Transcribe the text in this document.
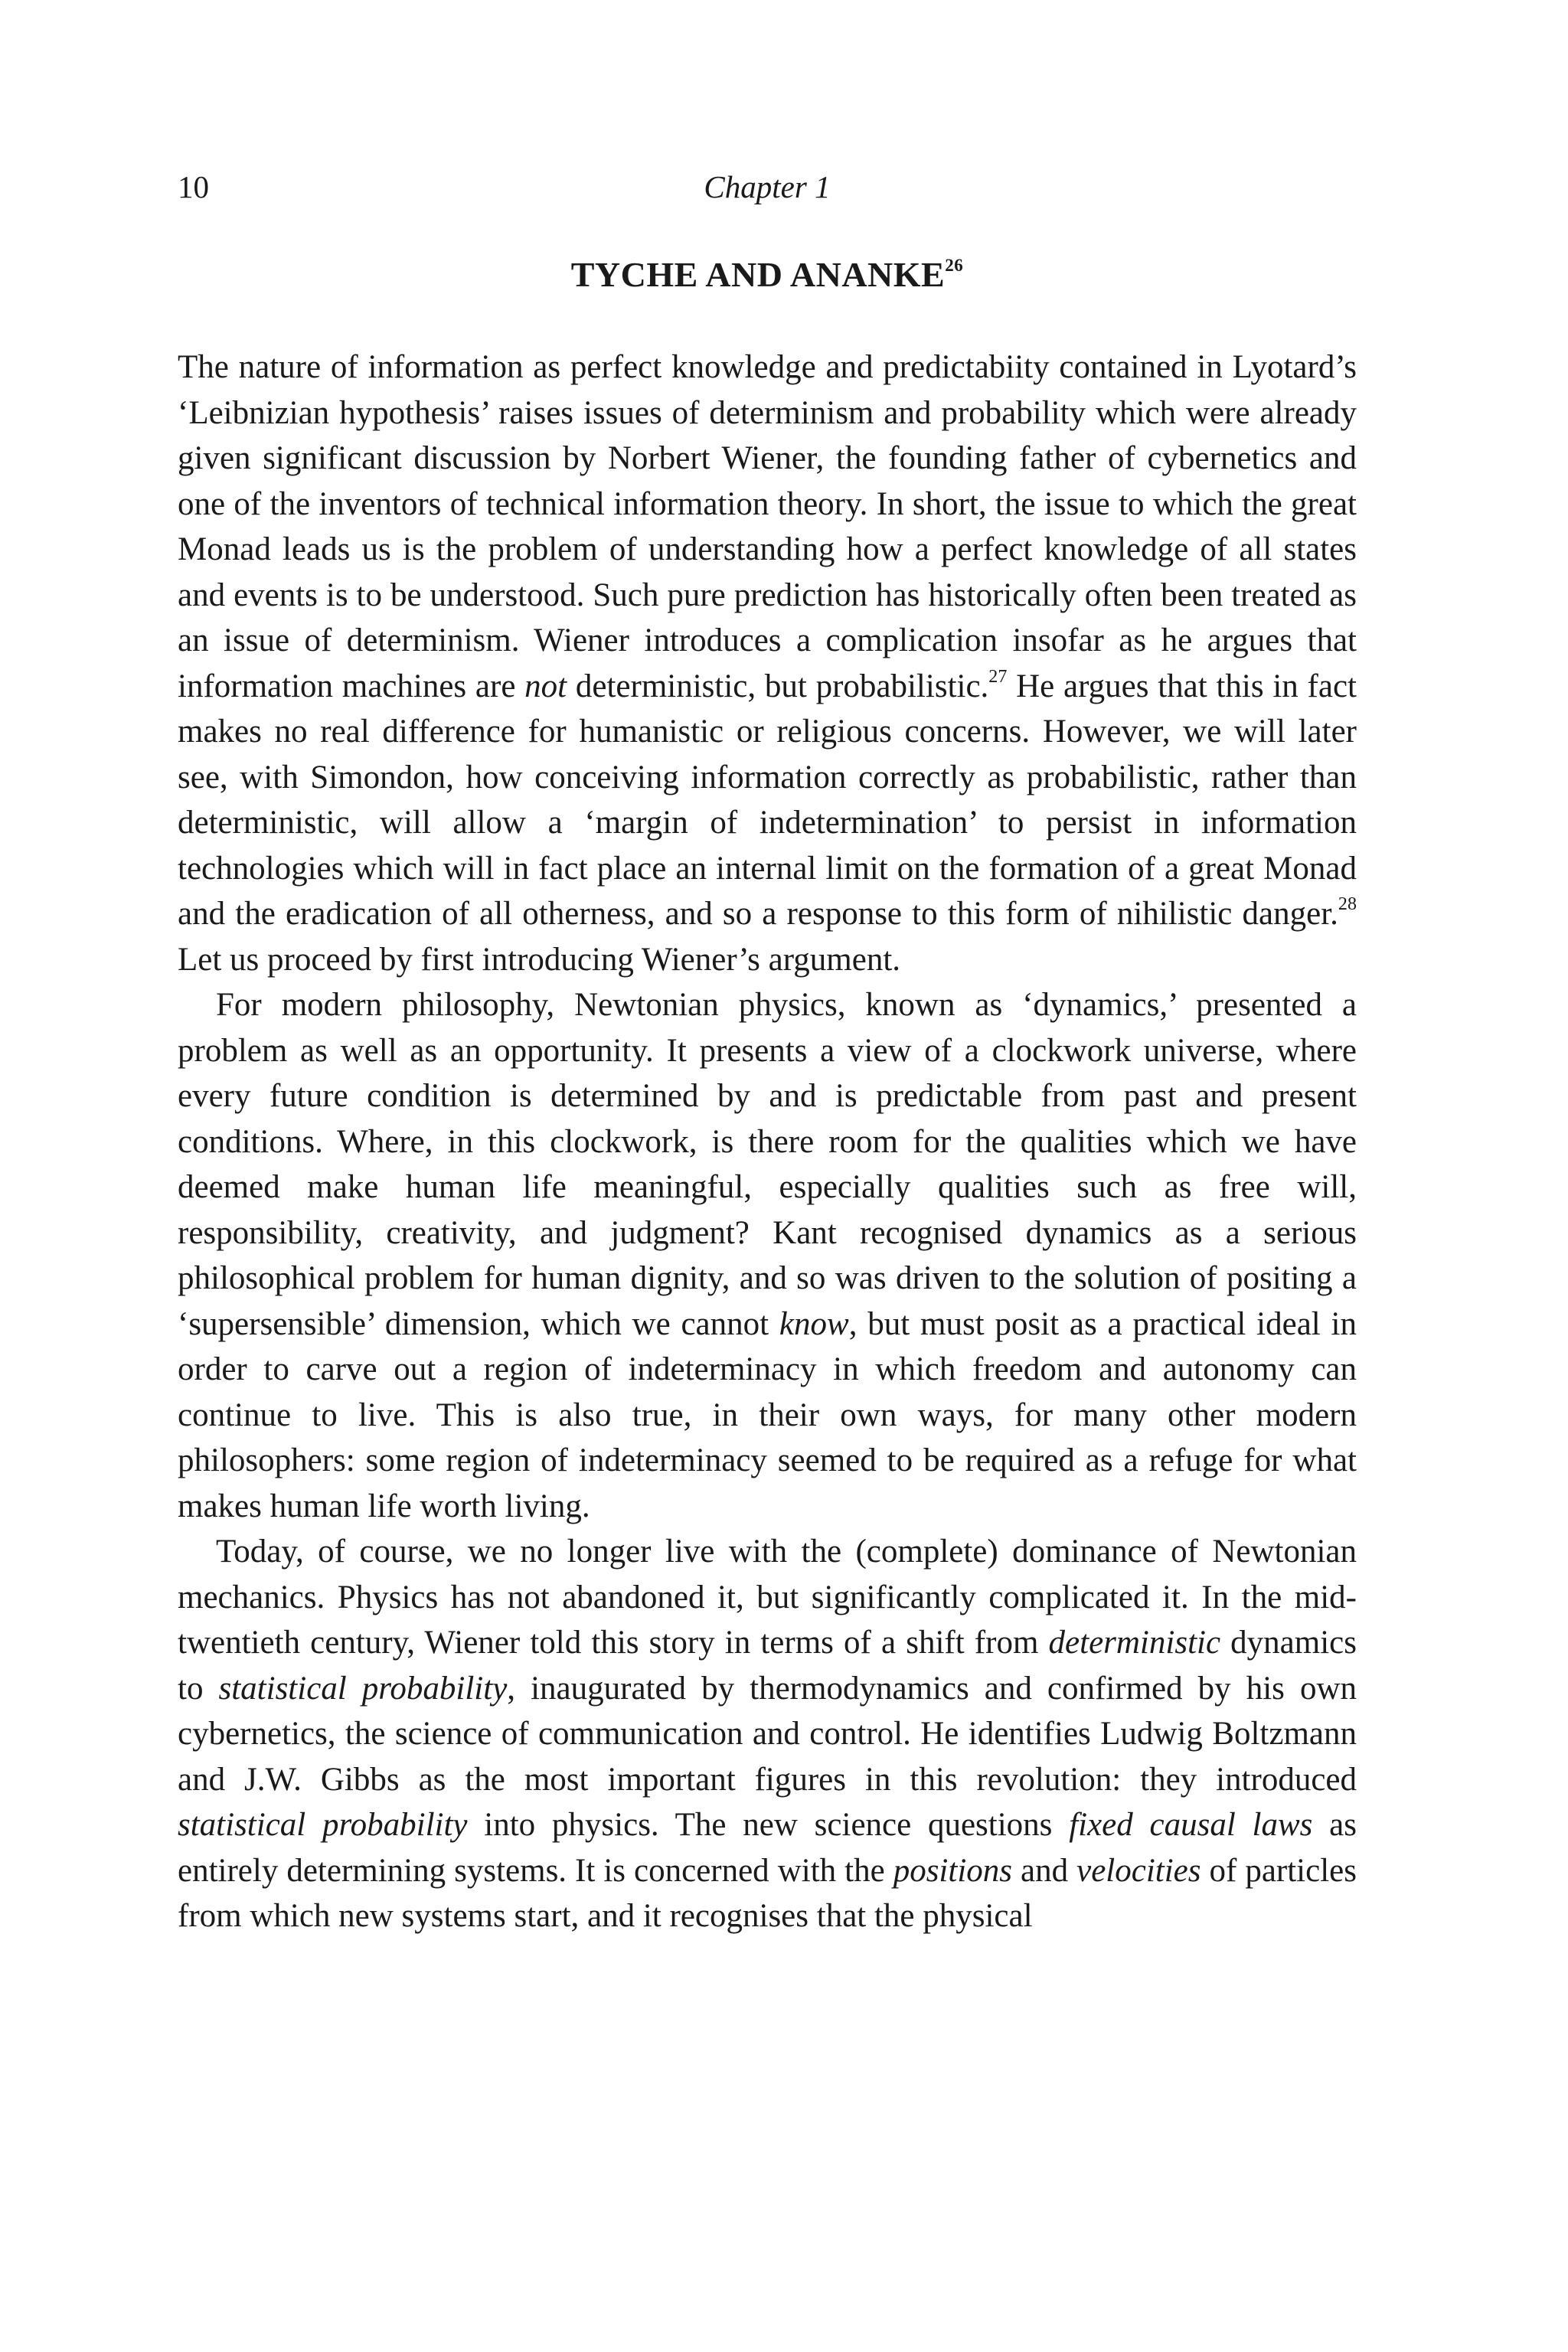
10	Chapter 1
TYCHE AND ANANKE$^{26}$

The nature of information as perfect knowledge and predictabiity contained in Lyotard’s ‘Leibnizian hypothesis’ raises issues of determinism and probability which were already given significant discussion by Norbert Wiener, the founding father of cybernetics and one of the inventors of technical information theory. In short, the issue to which the great Monad leads us is the problem of understanding how a perfect knowledge of all states and events is to be understood. Such pure prediction has historically often been treated as an issue of determinism. Wiener introduces a complication insofar as he argues that information machines are not deterministic, but probabilistic.$^{27}$ He argues that this in fact makes no real difference for humanistic or religious concerns. However, we will later see, with Simondon, how conceiving information correctly as probabilistic, rather than deterministic, will allow a ‘margin of indetermination’ to persist in information technologies which will in fact place an internal limit on the formation of a great Monad and the eradication of all otherness, and so a response to this form of nihilistic danger.$^{28}$ Let us proceed by first introducing Wiener’s argument.

For modern philosophy, Newtonian physics, known as ‘dynamics,’ presented a problem as well as an opportunity. It presents a view of a clockwork universe, where every future condition is determined by and is predictable from past and present conditions. Where, in this clockwork, is there room for the qualities which we have deemed make human life meaningful, especially qualities such as free will, responsibility, creativity, and judgment? Kant recognised dynamics as a serious philosophical problem for human dignity, and so was driven to the solution of positing a ‘supersensible’ dimension, which we cannot know, but must posit as a practical ideal in order to carve out a region of indeterminacy in which freedom and autonomy can continue to live. This is also true, in their own ways, for many other modern philosophers: some region of indeterminacy seemed to be required as a refuge for what makes human life worth living.

Today, of course, we no longer live with the (complete) dominance of Newtonian mechanics. Physics has not abandoned it, but significantly complicated it. In the mid-twentieth century, Wiener told this story in terms of a shift from deterministic dynamics to statistical probability, inaugurated by thermodynamics and confirmed by his own cybernetics, the science of communication and control. He identifies Ludwig Boltzmann and J.W. Gibbs as the most important figures in this revolution: they introduced statistical probability into physics. The new science questions fixed causal laws as entirely determining systems. It is concerned with the positions and velocities of particles from which new systems start, and it recognises that the physical
